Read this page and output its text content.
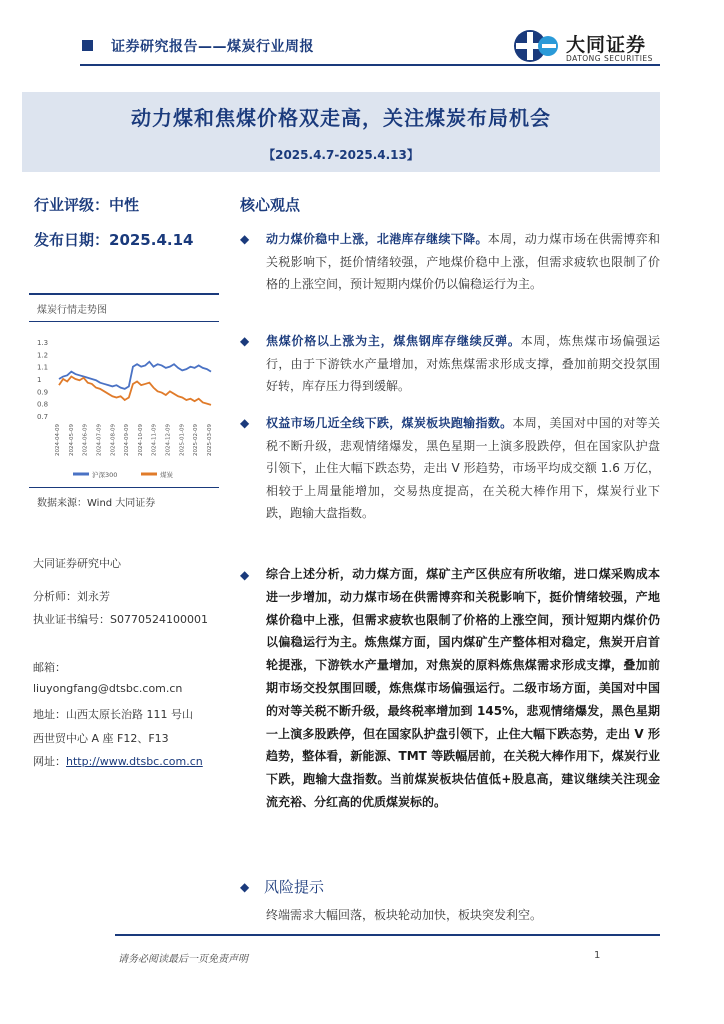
证券研究报告——煤炭行业周报	大同证券
DATONG SECURITIES
动力煤和焦煤价格双走高，关注煤炭布局机会
【2025.4.7-2025.4.13】
行业评级：中性
发布日期：2025.4.14
煤炭行情走势图
1.3
1.2
1.1
1
0.9
0.8
0.7
2024-04-09 2024-05-09 2024-06-09 2024-07-09 2024-08-09 2024-09-09 2024-10-09 2024-11-09 2024-12-09 2025-01-09 2025-02-09 2025-03-09
沪深300	煤炭
数据来源：Wind 大同证券
大同证券研究中心
分析师：刘永芳
执业证书编号：S0770524100001
邮箱：
liuyongfang@dtsbc.com.cn
地址：山西太原长治路 111 号山
西世贸中心 A 座 F12、F13
网址：http://www.dtsbc.com.cn
核心观点
◆ 动力煤价稳中上涨，北港库存继续下降。本周，动力煤市场在供需博弈和关税影响下，挺价情绪较强，产地煤价稳中上涨，但需求疲软也限制了价格的上涨空间，预计短期内煤价仍以偏稳运行为主。
◆ 焦煤价格以上涨为主，煤焦钢库存继续反弹。本周，炼焦煤市场偏强运行，由于下游铁水产量增加，对炼焦煤需求形成支撑，叠加前期交投氛围好转，库存压力得到缓解。
◆ 权益市场几近全线下跌，煤炭板块跑输指数。本周，美国对中国的对等关税不断升级，悲观情绪爆发，黑色星期一上演多股跌停，但在国家队护盘引领下，止住大幅下跌态势，走出 V 形趋势，市场平均成交额 1.6 万亿，相较于上周量能增加，交易热度提高，在关税大棒作用下，煤炭行业下跌，跑输大盘指数。
◆ 综合上述分析，动力煤方面，煤矿主产区供应有所收缩，进口煤采购成本进一步增加，动力煤市场在供需博弈和关税影响下，挺价情绪较强，产地煤价稳中上涨，但需求疲软也限制了价格的上涨空间，预计短期内煤价仍以偏稳运行为主。炼焦煤方面，国内煤矿生产整体相对稳定，焦炭开启首轮提涨，下游铁水产量增加，对焦炭的原料炼焦煤需求形成支撑，叠加前期市场交投氛围回暖，炼焦煤市场偏强运行。二级市场方面，美国对中国的对等关税不断升级，最终税率增加到 145%，悲观情绪爆发，黑色星期一上演多股跌停，但在国家队护盘引领下，止住大幅下跌态势，走出 V 形趋势，整体看，新能源、TMT 等跌幅居前，在关税大棒作用下，煤炭行业下跌，跑输大盘指数。当前煤炭板块估值低+股息高，建议继续关注现金流充裕、分红高的优质煤炭标的。
◆ 风险提示
终端需求大幅回落，板块轮动加快，板块突发利空。
请务必阅读最后一页免责声明	1
